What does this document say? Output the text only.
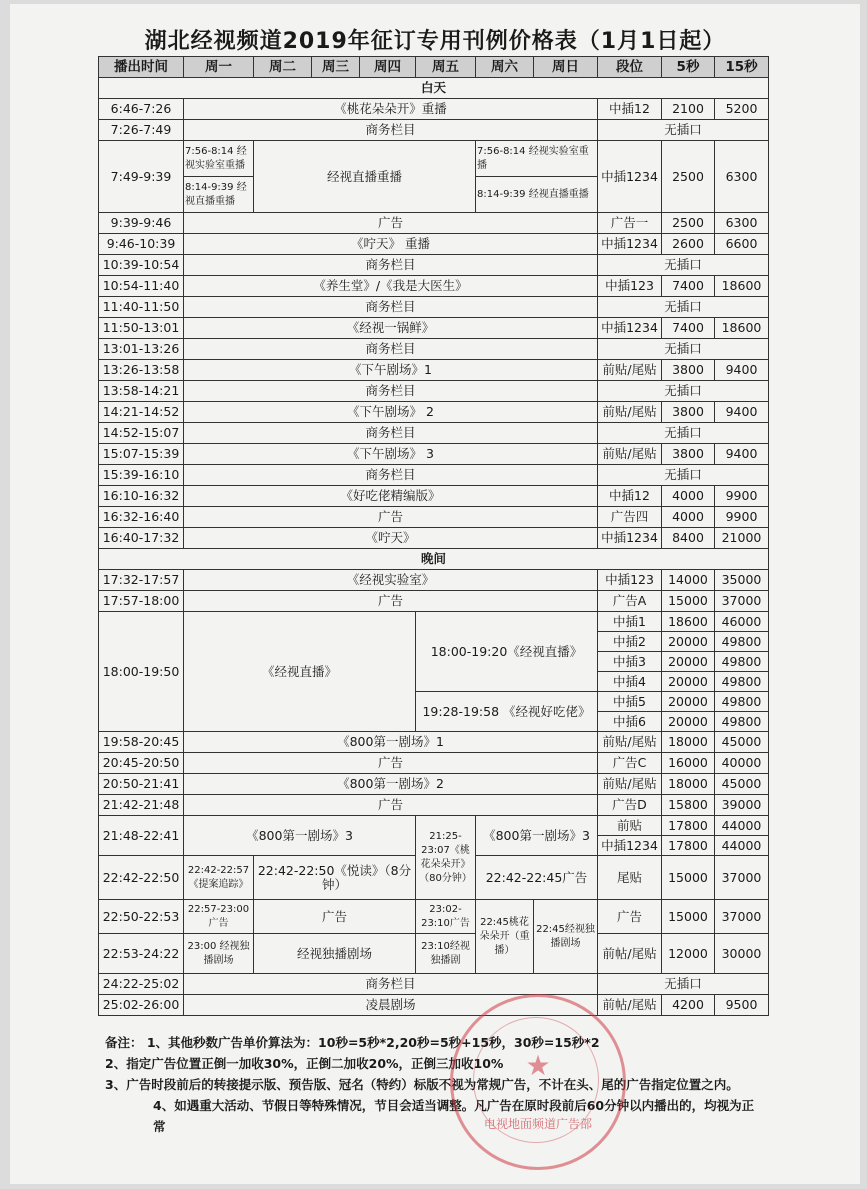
湖北经视频道2019年征订专用刊例价格表（1月1日起）
播出时间	周一	周二	周三	周四	周五	周六	周日	段位	5秒	15秒
白天										
6:46-7:26	《桃花朵朵开》重播							中插12	2100	5200
7:26-7:49	商务栏目							无插口		
7:49-9:39	7:56-8:14 经视实验室重播	经视直播重播				7:56-8:14 经视实验室重播		中插1234	2500	6300
	8:14-9:39 经视直播重播					8:14-9:39 经视直播重播				
9:39-9:46	广告							广告一	2500	6300
9:46-10:39	《咛天》 重播							中插1234	2600	6600
10:39-10:54	商务栏目							无插口		
10:54-11:40	《养生堂》/《我是大医生》							中插123	7400	18600
11:40-11:50	商务栏目							无插口		
11:50-13:01	《经视一锅鲜》							中插1234	7400	18600
13:01-13:26	商务栏目							无插口		
13:26-13:58	《下午剧场》1							前贴/尾贴	3800	9400
13:58-14:21	商务栏目							无插口		
14:21-14:52	《下午剧场》 2							前贴/尾贴	3800	9400
14:52-15:07	商务栏目							无插口		
15:07-15:39	《下午剧场》 3							前贴/尾贴	3800	9400
15:39-16:10	商务栏目							无插口		
16:10-16:32	《好吃佬精编版》							中插12	4000	9900
16:32-16:40	广告							广告四	4000	9900
16:40-17:32	《咛天》							中插1234	8400	21000
晚间										
17:32-17:57	《经视实验室》							中插123	14000	35000
17:57-18:00	广告							广告A	15000	37000
18:00-19:50	《经视直播》				18:00-19:20《经视直播》			中插1	18600	46000
								中插2	20000	49800
								中插3	20000	49800
								中插4	20000	49800
					19:28-19:58 《经视好吃佬》			中插5	20000	49800
								中插6	20000	49800
19:58-20:45	《800第一剧场》1							前贴/尾贴	18000	45000
20:45-20:50	广告							广告C	16000	40000
20:50-21:41	《800第一剧场》2							前贴/尾贴	18000	45000
21:42-21:48	广告							广告D	15800	39000
21:48-22:41	《800第一剧场》3				21:25-23:07《桃花朵朵开》（80分钟）	《800第一剧场》3		前贴	17800	44000
								中插1234	17800	44000
22:42-22:50	22:42-22:57《提案追踪》	22:42-22:50《悦读》（8分钟）				22:42-22:45广告		尾贴	15000	37000
22:50-22:53	22:57-23:00广告	广告			23:02-23:10广告	22:45桃花朵朵开（重播）	22:45经视独播剧场	广告	15000	37000
22:53-24:22	23:00 经视独播剧场	经视独播剧场			23:10经视独播剧			前帖/尾贴	12000	30000
24:22-25:02	商务栏目							无插口		
25:02-26:00	凌晨剧场							前帖/尾贴	4200	9500

备注： 1、其他秒数广告单价算法为：10秒=5秒*2,20秒=5秒+15秒，30秒=15秒*2

2、指定广告位置正倒一加收30%，正倒二加收20%，正倒三加收10%

3、广告时段前后的转接提示版、预告版、冠名（特约）标版不视为常规广告，不计在头、尾的广告指定位置之内。

4、如遇重大活动、节假日等特殊情况，节目会适当调整。凡广告在原时段前后60分钟以内播出的，均视为正常

★
电视地面频道广告部
